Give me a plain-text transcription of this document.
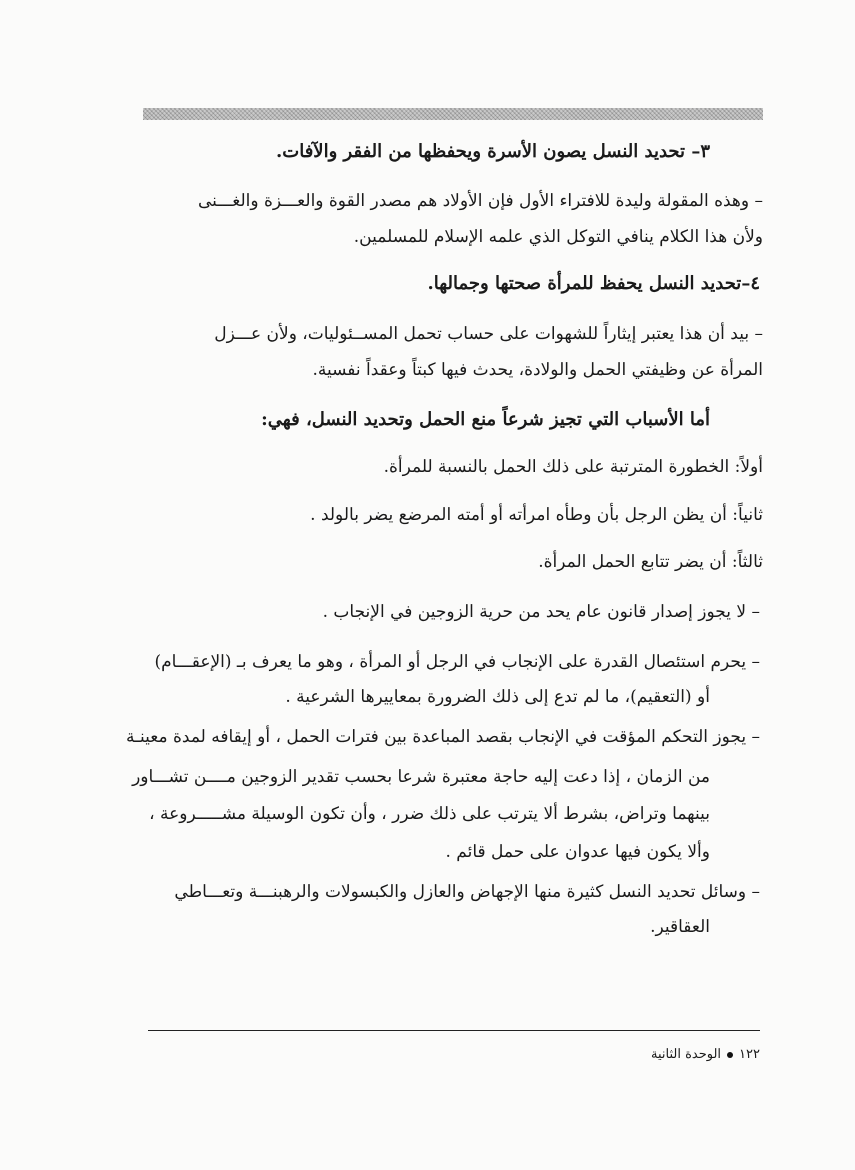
٣– تحديد النسل يصون الأسرة ويحفظها من الفقر والآفات.
– وهذه المقولة وليدة للافتراء الأول فإن الأولاد هم مصدر القوة والعـــزة والغـــنى
ولأن هذا الكلام ينافي التوكل الذي علمه الإسلام للمسلمين.
٤–تحديد النسل يحفظ للمرأة صحتها وجمالها.
– بيد أن هذا يعتبر إيثاراً للشهوات على حساب تحمل المســئوليات، ولأن عـــزل
المرأة عن وظيفتي الحمل والولادة، يحدث فيها كبتاً وعقداً نفسية.
أما الأسباب التي تجيز شرعاً منع الحمل وتحديد النسل، فهي:
أولاً: الخطورة المترتبة على ذلك الحمل بالنسبة للمرأة.
ثانياً: أن يظن الرجل بأن وطأه امرأته أو أمته المرضع يضر بالولد .
ثالثاً: أن يضر تتابع الحمل المرأة.
– لا يجوز إصدار قانون عام يحد من حرية الزوجين في الإنجاب .
– يحرم استئصال القدرة على الإنجاب في الرجل أو المرأة ، وهو ما يعرف بـ (الإعقـــام)
أو (التعقيم)، ما لم تدع إلى ذلك الضرورة بمعاييرها الشرعية .
– يجوز التحكم المؤقت في الإنجاب بقصد المباعدة بين فترات الحمل ، أو إيقافه لمدة معينـة
من الزمان ، إذا دعت إليه حاجة معتبرة شرعا بحسب تقدير الزوجين مــــن تشـــاور
بينهما وتراض، بشرط ألا يترتب على ذلك ضرر ، وأن تكون الوسيلة مشـــــروعة ،
وألا يكون فيها عدوان على حمل قائم .
– وسائل تحديد النسل كثيرة منها الإجهاض والعازل والكبسولات والرهبنـــة وتعـــاطي
العقاقير.
١٢٢الوحدة الثانية
